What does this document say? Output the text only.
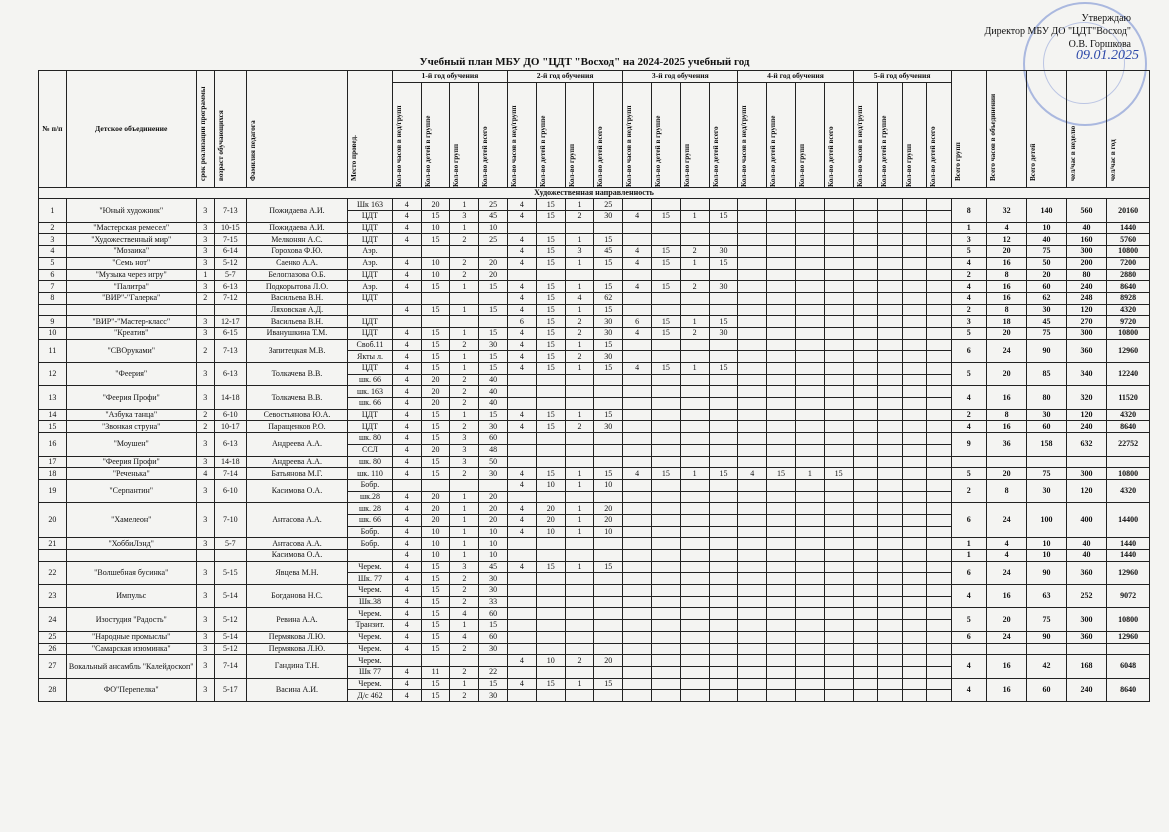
Утверждаю
Директор МБУ ДО "ЦДТ"Восход"
О.В. Горшкова
09.01.2025
Учебный план МБУ ДО "ЦДТ "Восход" на 2024-2025 учебный год
№ п/п	Детское объединение	срок реализации программы	возраст обучающихся	Фамилия педагога	Место провед.	1-й год обучения				2-й год обучения				3-й год обучения				4-й год обучения				5-й год обучения				Всего групп	Всего часов в объединении	Всего детей	чел/час в неделю	чел/час в год

						Кол-во часов в нед/групп	Кол-во детей в группе	Кол-во групп	Кол-во детей всего	Кол-во часов в нед/групп	Кол-во детей в группе	Кол-во групп	Кол-во детей всего	Кол-во часов в нед/групп	Кол-во детей в группе	Кол-во групп	Кол-во детей всего	Кол-во часов в нед/групп	Кол-во детей в группе	Кол-во групп	Кол-во детей всего	Кол-во часов в нед/групп	Кол-во детей в группе	Кол-во групп	Кол-во детей всего					

Художественная направленность																														
1	"Юный художник"	3	7-13	Пожидаева А.И.	Шк 163	4	20	1	25	4	15	1	25													8	32	140	560	20160
					ЦДТ	4	15	3	45	4	15	2	30	4	15	1	15													
2	"Мастерская ремесел"	3	10-15	Пожидаева А.И.	ЦДТ	4	10	1	10																	1	4	10	40	1440
3	"Художественный мир"	3	7-15	Мелконян А.С.	ЦДТ	4	15	2	25	4	15	1	15													3	12	40	160	5760
4	"Мозаика"	3	6-14	Горохова Ф.Ю.	Аэр.					4	15	3	45	4	15	2	30									5	20	75	300	10800
5	"Семь нот"	3	5-12	Саенко А.А.	Аэр.	4	10	2	20	4	15	1	15	4	15	1	15									4	16	50	200	7200
6	"Музыка через игру"	1	5-7	Белоглазова О.Б.	ЦДТ	4	10	2	20																	2	8	20	80	2880
7	"Палитра"	3	6-13	Подкорытова Л.О.	Аэр.	4	15	1	15	4	15	1	15	4	15	2	30									4	16	60	240	8640
8	"ВИР"-"Галерка"	2	7-12	Васильева В.Н.	ЦДТ					4	15	4	62													4	16	62	248	8928
				Ляховская А.Д.		4	15	1	15	4	15	1	15													2	8	30	120	4320
9	"ВИР"-"Мастер-класс"	3	12-17	Васильева В.Н.	ЦДТ					6	15	2	30	6	15	1	15									3	18	45	270	9720
10	"Креатив"	3	6-15	Иванушкина Т.М.	ЦДТ	4	15	1	15	4	15	2	30	4	15	2	30									5	20	75	300	10800
11	"СВОруками"	2	7-13	Запитецкая М.В.	Своб.11	4	15	2	30	4	15	1	15													6	24	90	360	12960
					Якты л.	4	15	1	15	4	15	2	30																	
12	"Феерия"	3	6-13	Толкачева В.В.	ЦДТ	4	15	1	15	4	15	1	15	4	15	1	15									5	20	85	340	12240
					шк. 66	4	20	2	40																					
13	"Феерия Профи"	3	14-18	Толкачева В.В.	шк. 163	4	20	2	40																	4	16	80	320	11520
					шк. 66	4	20	2	40																					
14	"Азбука танца"	2	6-10	Севостьянова Ю.А.	ЦДТ	4	15	1	15	4	15	1	15													2	8	30	120	4320
15	"Звонкая струна"	2	10-17	Паращенков Р.О.	ЦДТ	4	15	2	30	4	15	2	30													4	16	60	240	8640
16	"Моушен"	3	6-13	Андреева А.А.	шк. 80	4	15	3	60																	9	36	158	632	22752
					ССЛ	4	20	3	48																					
17	"Феерия Профи"	3	14-18	Андреева А.А.	шк. 80	4	15	3	50																					
18	"Реченька"	4	7-14	Батьянова М.Г.	шк. 110	4	15	2	30	4	15	1	15	4	15	1	15	4	15	1	15					5	20	75	300	10800
19	"Серпантин"	3	6-10	Касимова О.А.	Бобр.					4	10	1	10													2	8	30	120	4320
					шк.28	4	20	1	20																					
20	"Хамелеон"	3	7-10	Антасова А.А.	шк. 28	4	20	1	20	4	20	1	20													6	24	100	400	14400
					шк. 66	4	20	1	20	4	20	1	20																	
					Бобр.	4	10	1	10	4	10	1	10																	
21	"ХоббиЛэнд"	3	5-7	Антасова А.А.	Бобр.	4	10	1	10																	1	4	10	40	1440
				Касимова О.А.		4	10	1	10																	1	4	10	40	1440
22	"Волшебная бусинка"	3	5-15	Явцева М.Н.	Черем.	4	15	3	45	4	15	1	15													6	24	90	360	12960
					Шк. 77	4	15	2	30																					
23	Импульс	3	5-14	Богданова Н.С.	Черем.	4	15	2	30																	4	16	63	252	9072
					Шк.38	4	15	2	33																					
24	Изостудия "Радость"	3	5-12	Ревина А.А.	Черем.	4	15	4	60																	5	20	75	300	10800
					Транзит.	4	15	1	15																					
25	"Народные промыслы"	3	5-14	Пермякова Л.Ю.	Черем.	4	15	4	60																	6	24	90	360	12960
26	"Самарская изюминка"	3	5-12	Пермякова Л.Ю.	Черем.	4	15	2	30																					
27	Вокальный ансамбль "Калейдоскоп"	3	7-14	Гандина Т.Н.	Черем.					4	10	2	20													4	16	42	168	6048
					Шк 77	4	11	2	22																					
28	ФО"Перепелка"	3	5-17	Васина А.И.	Черем.	4	15	1	15	4	15	1	15													4	16	60	240	8640
					Д/с 462	4	15	2	30																					
